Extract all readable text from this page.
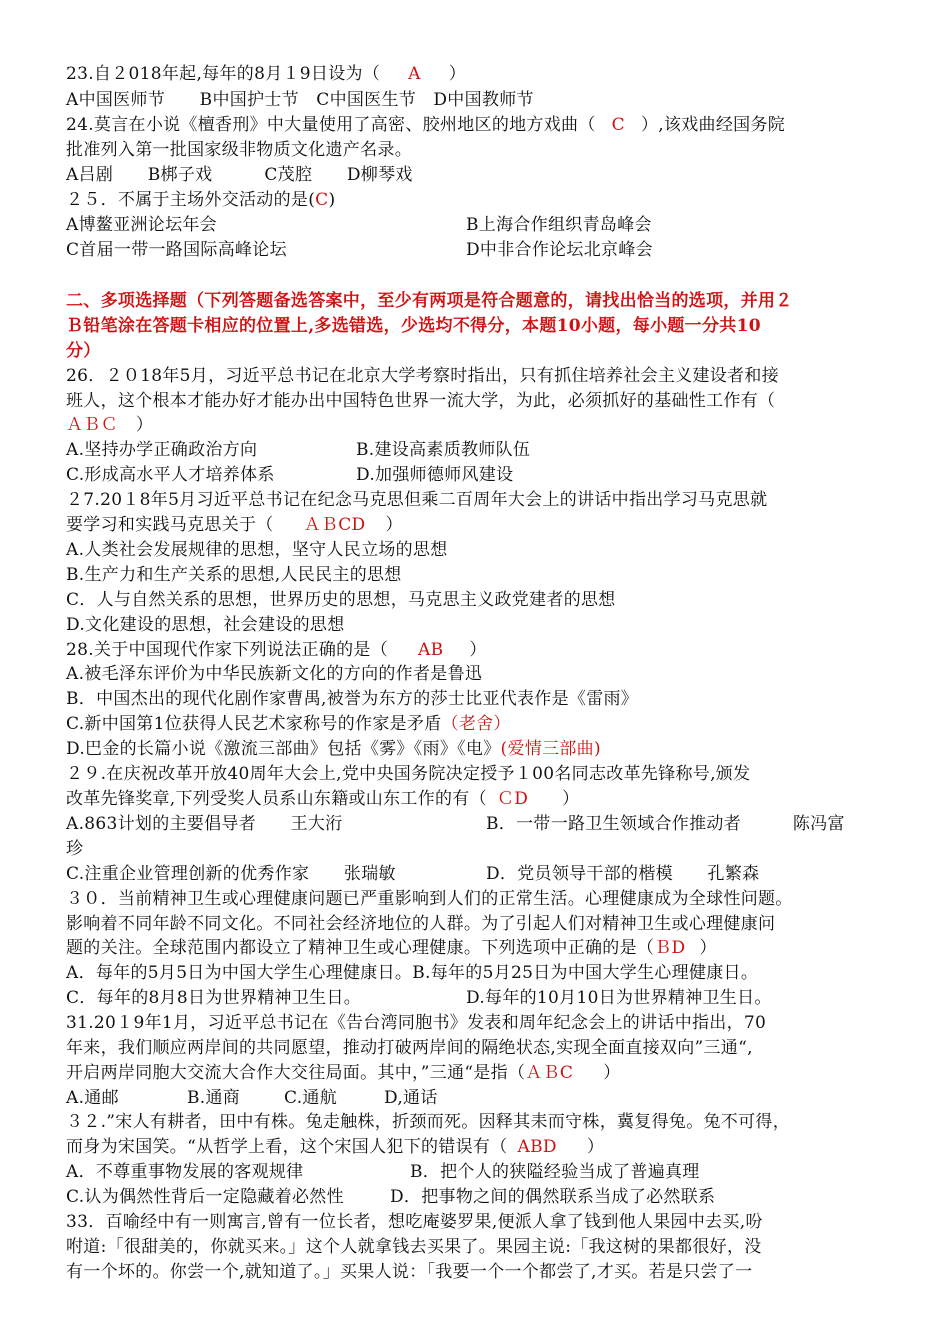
23.自２018年起,每年的8月１9日设为（ A ）
A中国医师节　　B中国护士节　C中国医生节　D中国教师节
24.莫言在小说《檀香刑》中大量使用了高密、胶州地区的地方戏曲（ C ）,该戏曲经国务院
批准列入第一批国家级非物质文化遗产名录。
A吕剧　　B梆子戏　　　C茂腔　　D柳琴戏
２５．不属于主场外交活动的是(C)
A博鳌亚洲论坛年会	B上海合作组织青岛峰会
C首届一带一路国际高峰论坛	D中非合作论坛北京峰会
二、多项选择题（下列答题备选答案中，至少有两项是符合题意的，请找出恰当的选项，并用２
Ｂ铅笔涂在答题卡相应的位置上,多选错选，少选均不得分，本题10小题，每小题一分共10
分）
26．２０18年5月，习近平总书记在北京大学考察时指出，只有抓住培养社会主义建设者和接
班人，这个根本才能办好才能办出中国特色世界一流大学，为此，必须抓好的基础性工作有（
ＡＢＣ ）
A.坚持办学正确政治方向	B.建设高素质教师队伍
C.形成高水平人才培养体系	D.加强师德师风建设
２7.20１8年5月习近平总书记在纪念马克思但乘二百周年大会上的讲话中指出学习马克思就
要学习和实践马克思关于（ ＡＢCD ）
A.人类社会发展规律的思想，坚守人民立场的思想
B.生产力和生产关系的思想,人民民主的思想
C．人与自然关系的思想，世界历史的思想，马克思主义政党建者的思想
D.文化建设的思想，社会建设的思想
28.关于中国现代作家下列说法正确的是（ AB ）
A.被毛泽东评价为中华民族新文化的方向的作者是鲁迅
B．中国杰出的现代化剧作家曹禺,被誉为东方的莎士比亚代表作是《雷雨》
C.新中国第1位获得人民艺术家称号的作家是矛盾（老舍）
D.巴金的长篇小说《激流三部曲》包括《雾》《雨》《电》(爱情三部曲)
２９.在庆祝改革开放40周年大会上,党中央国务院决定授予１00名同志改革先锋称号,颁发
改革先锋奖章,下列受奖人员系山东籍或山东工作的有（ ＣD ）
A.863计划的主要倡导者　　王大洐	B．一带一路卫生领域合作推动者　　　陈冯富
珍
C.注重企业管理创新的优秀作家　　张瑞敏	D．党员领导干部的楷模　　孔繁森
３０．当前精神卫生或心理健康问题已严重影响到人们的正常生活。心理健康成为全球性问题。
影响着不同年龄不同文化。不同社会经济地位的人群。为了引起人们对精神卫生或心理健康问
题的关注。全球范围内都设立了精神卫生或心理健康。下列选项中正确的是（ＢD ）
A．每年的5月5日为中国大学生心理健康日。B.每年的5月25日为中国大学生心理健康日。
C．每年的8月8日为世界精神卫生日。	D.每年的10月10日为世界精神卫生日。
31.20１9年1月，习近平总书记在《告台湾同胞书》发表和周年纪念会上的讲话中指出，70
年来，我们顺应两岸间的共同愿望，推动打破两岸间的隔绝状态,实现全面直接双向”三通“,
开启两岸同胞大交流大合作大交往局面。其中，”三通“是指（ＡＢC ）
A.通邮	B.通商	C.通航	D,通话
３２.”宋人有耕者，田中有株。兔走触株，折颈而死。因释其耒而守株，冀复得兔。兔不可得，
而身为宋国笑。“从哲学上看，这个宋国人犯下的错误有（ ABD ）
A．不尊重事物发展的客观规律	B．把个人的狭隘经验当成了普遍真理
C.认为偶然性背后一定隐藏着必然性	D．把事物之间的偶然联系当成了必然联系
33．百喻经中有一则寓言,曾有一位长者，想吃庵婆罗果,便派人拿了钱到他人果园中去买,吩
咐道:「很甜美的，你就买来。」这个人就拿钱去买果了。果园主说:「我这树的果都很好，没
有一个坏的。你尝一个,就知道了。」买果人说：「我要一个一个都尝了,才买。若是只尝了一
